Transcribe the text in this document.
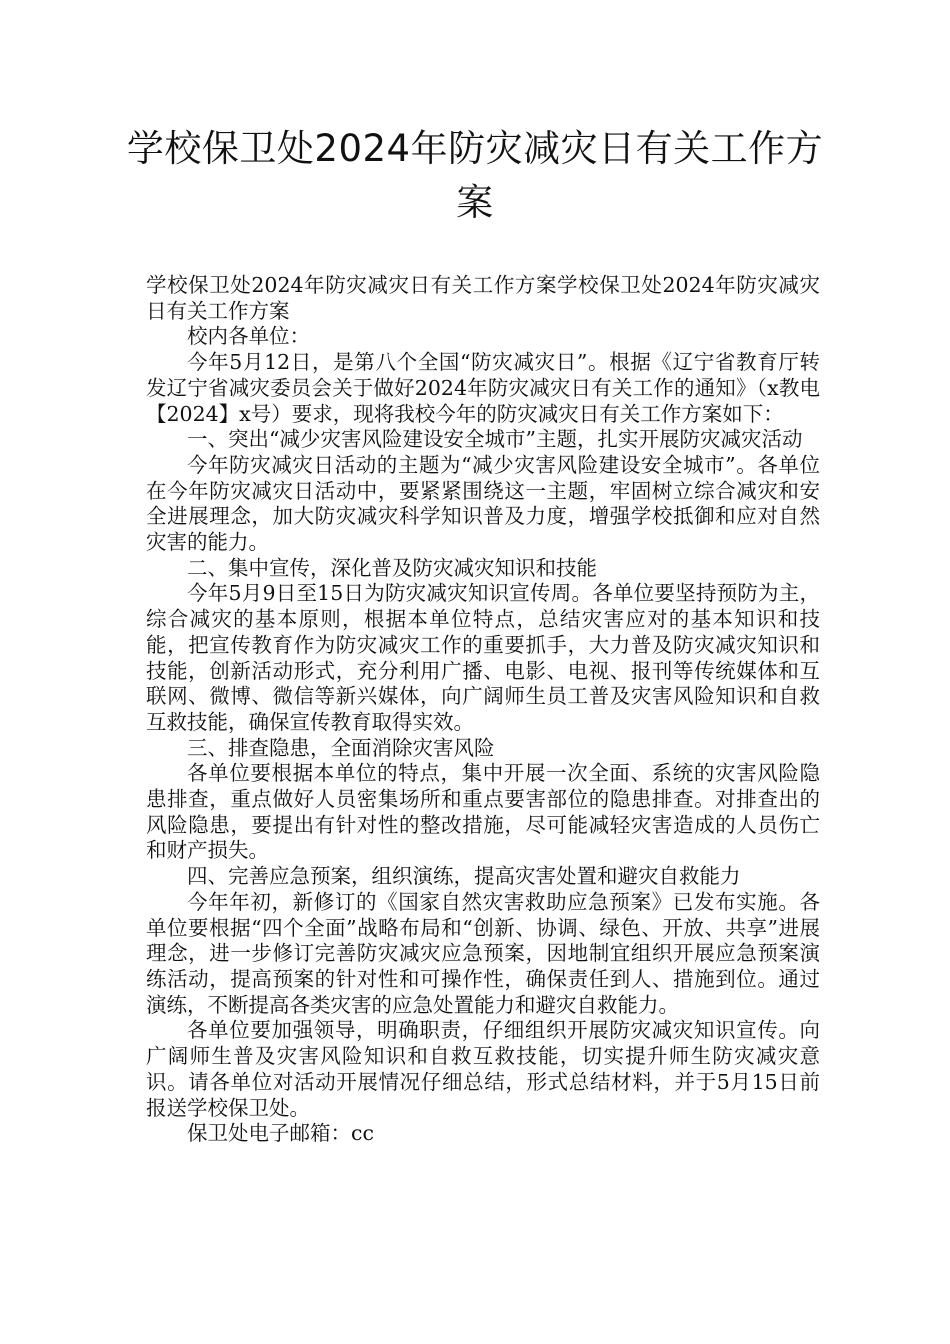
学校保卫处2024年防灾减灾日有关工作方案

学校保卫处2024年防灾减灾日有关工作方案学校保卫处2024年防灾减灾日有关工作方案

校内各单位：

今年5月12日，是第八个全国“防灾减灾日”。根据《辽宁省教育厅转发辽宁省减灾委员会关于做好2024年防灾减灾日有关工作的通知》（x教电【2024】x号）要求，现将我校今年的防灾减灾日有关工作方案如下：

一、突出“减少灾害风险建设安全城市”主题，扎实开展防灾减灾活动

今年防灾减灾日活动的主题为“减少灾害风险建设安全城市”。各单位在今年防灾减灾日活动中，要紧紧围绕这一主题，牢固树立综合减灾和安全进展理念，加大防灾减灾科学知识普及力度，增强学校抵御和应对自然灾害的能力。

二、集中宣传，深化普及防灾减灾知识和技能

今年5月9日至15日为防灾减灾知识宣传周。各单位要坚持预防为主，综合减灾的基本原则，根据本单位特点，总结灾害应对的基本知识和技能，把宣传教育作为防灾减灾工作的重要抓手，大力普及防灾减灾知识和技能，创新活动形式，充分利用广播、电影、电视、报刊等传统媒体和互联网、微博、微信等新兴媒体，向广阔师生员工普及灾害风险知识和自救互救技能，确保宣传教育取得实效。

三、排查隐患，全面消除灾害风险

各单位要根据本单位的特点，集中开展一次全面、系统的灾害风险隐患排查，重点做好人员密集场所和重点要害部位的隐患排查。对排查出的风险隐患，要提出有针对性的整改措施，尽可能减轻灾害造成的人员伤亡和财产损失。

四、完善应急预案，组织演练，提高灾害处置和避灾自救能力

今年年初，新修订的《国家自然灾害救助应急预案》已发布实施。各单位要根据“四个全面”战略布局和“创新、协调、绿色、开放、共享”进展理念，进一步修订完善防灾减灾应急预案，因地制宜组织开展应急预案演练活动，提高预案的针对性和可操作性，确保责任到人、措施到位。通过演练，不断提高各类灾害的应急处置能力和避灾自救能力。

各单位要加强领导，明确职责，仔细组织开展防灾减灾知识宣传。向广阔师生普及灾害风险知识和自救互救技能，切实提升师生防灾减灾意识。请各单位对活动开展情况仔细总结，形式总结材料，并于5月15日前报送学校保卫处。

保卫处电子邮箱：cc
